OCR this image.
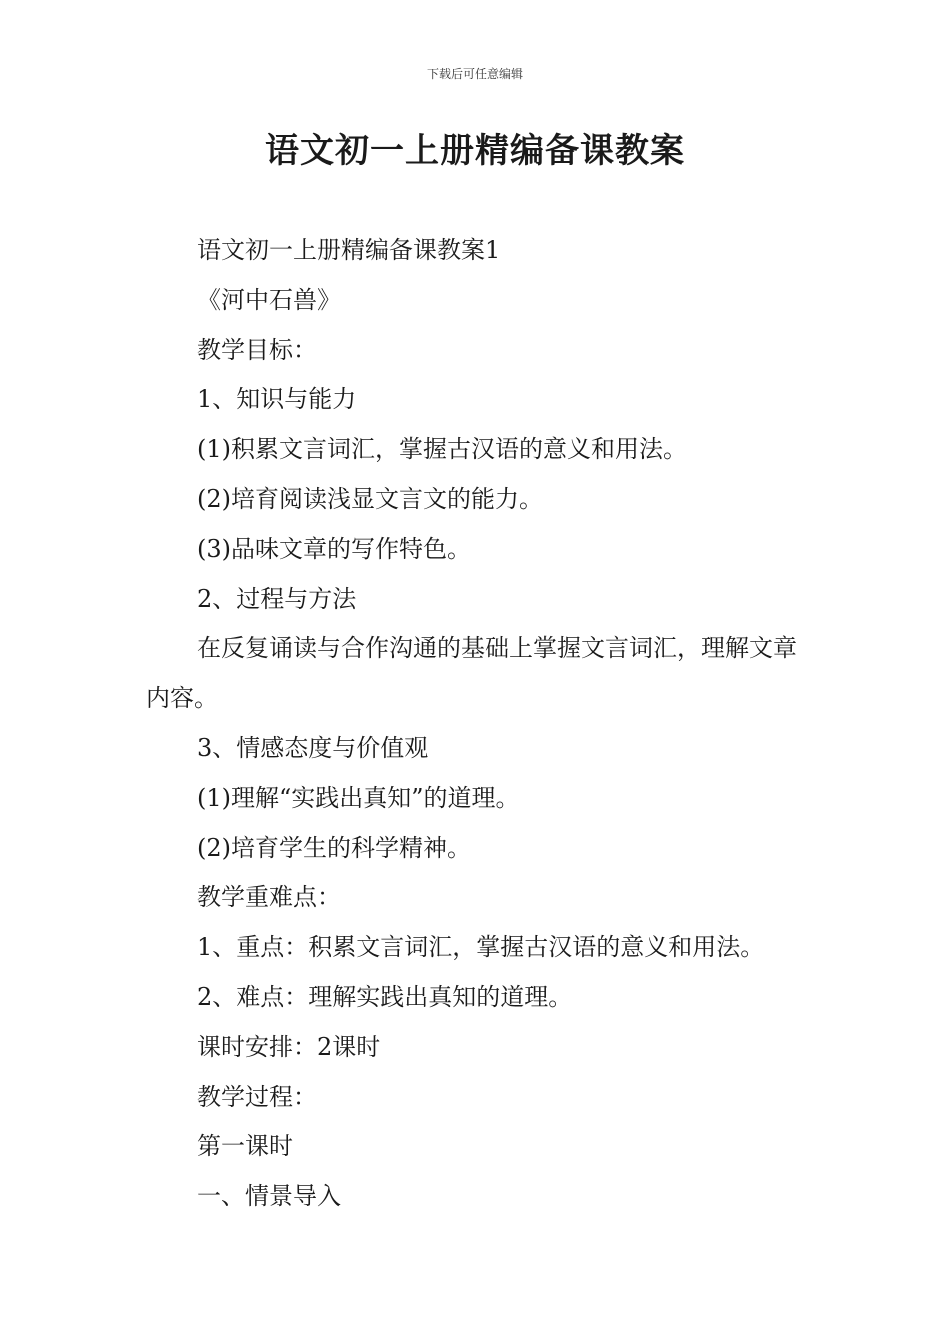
下载后可任意编辑
语文初一上册精编备课教案

语文初一上册精编备课教案1

《河中石兽》

教学目标：

1、知识与能力

(1)积累文言词汇，掌握古汉语的意义和用法。

(2)培育阅读浅显文言文的能力。

(3)品味文章的写作特色。

2、过程与方法

在反复诵读与合作沟通的基础上掌握文言词汇，理解文章内容。

3、情感态度与价值观

(1)理解“实践出真知”的道理。

(2)培育学生的科学精神。

教学重难点：

1、重点：积累文言词汇，掌握古汉语的意义和用法。

2、难点：理解实践出真知的道理。

课时安排：2课时

教学过程：

第一课时

一、情景导入
